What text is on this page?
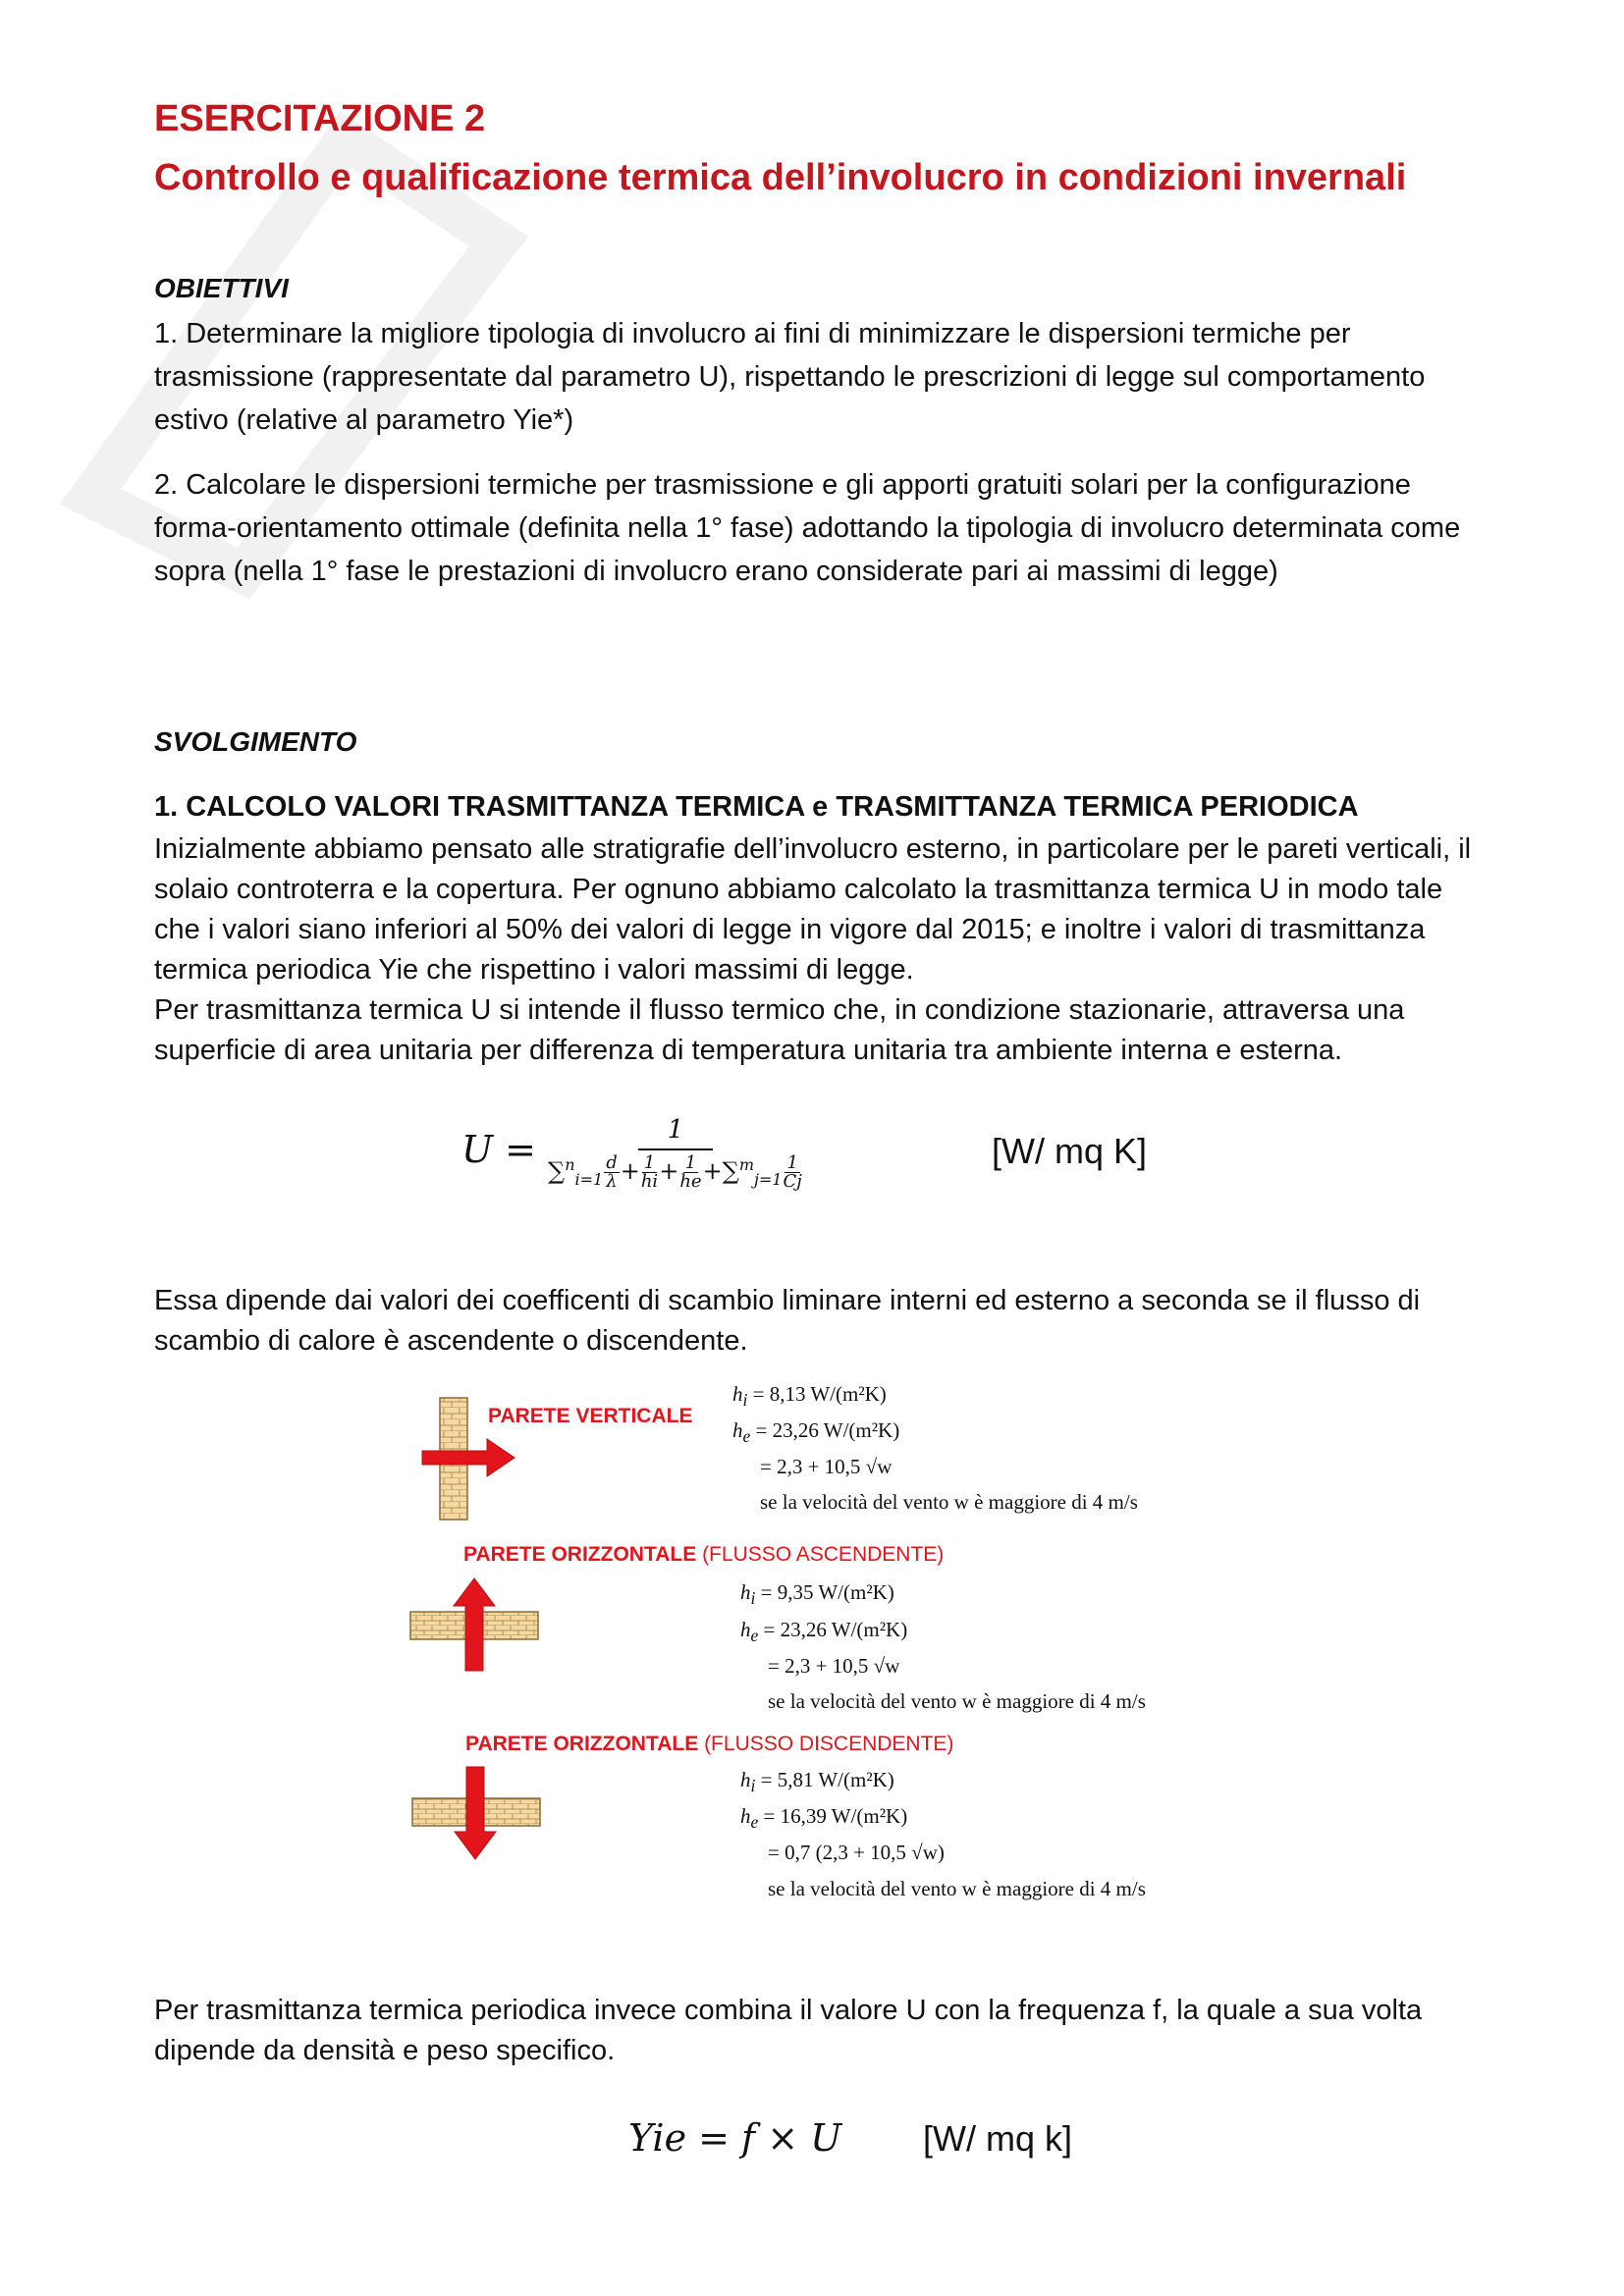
ESERCITAZIONE 2
Controllo e qualificazione termica dell’involucro in condizioni invernali
OBIETTIVI
1. Determinare la migliore tipologia di involucro ai fini di minimizzare le dispersioni termiche per trasmissione (rappresentate dal parametro U), rispettando le prescrizioni di legge sul comportamento estivo (relative al parametro Yie*)
2. Calcolare le dispersioni termiche per trasmissione e gli apporti gratuiti solari per la configurazione forma-orientamento ottimale (definita nella 1° fase) adottando la tipologia di involucro determinata come sopra (nella 1° fase le prestazioni di involucro erano considerate pari ai massimi di legge)
SVOLGIMENTO
1. CALCOLO VALORI TRASMITTANZA TERMICA e TRASMITTANZA TERMICA PERIODICA
Inizialmente abbiamo pensato alle stratigrafie dell’involucro esterno, in particolare per le pareti verticali, il solaio controterra e la copertura. Per ognuno abbiamo calcolato la trasmittanza termica U in modo tale che i valori siano inferiori al 50% dei valori di legge in vigore dal 2015; e inoltre i valori di trasmittanza termica periodica Yie che rispettino i valori massimi di legge.
Per trasmittanza termica U si intende il flusso termico che, in condizione stazionarie, attraversa una superficie di area unitaria per differenza di temperatura unitaria tra ambiente interna e esterna.
$U = \frac{1}{\sum^n_{i=1} \frac{d}{\lambda} + \frac{1}{hi} + \frac{1}{he} +\sum^m_{j=1} \frac{1}{Cj}}$	[W/ mq K]
Essa dipende dai valori dei coefficenti di scambio liminare interni ed esterno a seconda se il flusso di scambio di calore è ascendente o discendente.
PARETE VERTICALE
$h_i = 8,13$ W/(m²K)
$h_e = 23,26$ W/(m²K)
= 2,3 + 10,5 √w
se la velocità del vento w è maggiore di 4 m/s
PARETE ORIZZONTALE (FLUSSO ASCENDENTE)
$h_i = 9,35$ W/(m²K)
$h_e = 23,26$ W/(m²K)
= 2,3 + 10,5 √w
se la velocità del vento w è maggiore di 4 m/s
PARETE ORIZZONTALE (FLUSSO DISCENDENTE)
$h_i = 5,81$ W/(m²K)
$h_e = 16,39$ W/(m²K)
= 0,7 (2,3 + 10,5 √w)
se la velocità del vento w è maggiore di 4 m/s
Per trasmittanza termica periodica invece combina il valore U con la frequenza f, la quale a sua volta dipende da densità e peso specifico.
Yie = f × U [W/ mq k]
